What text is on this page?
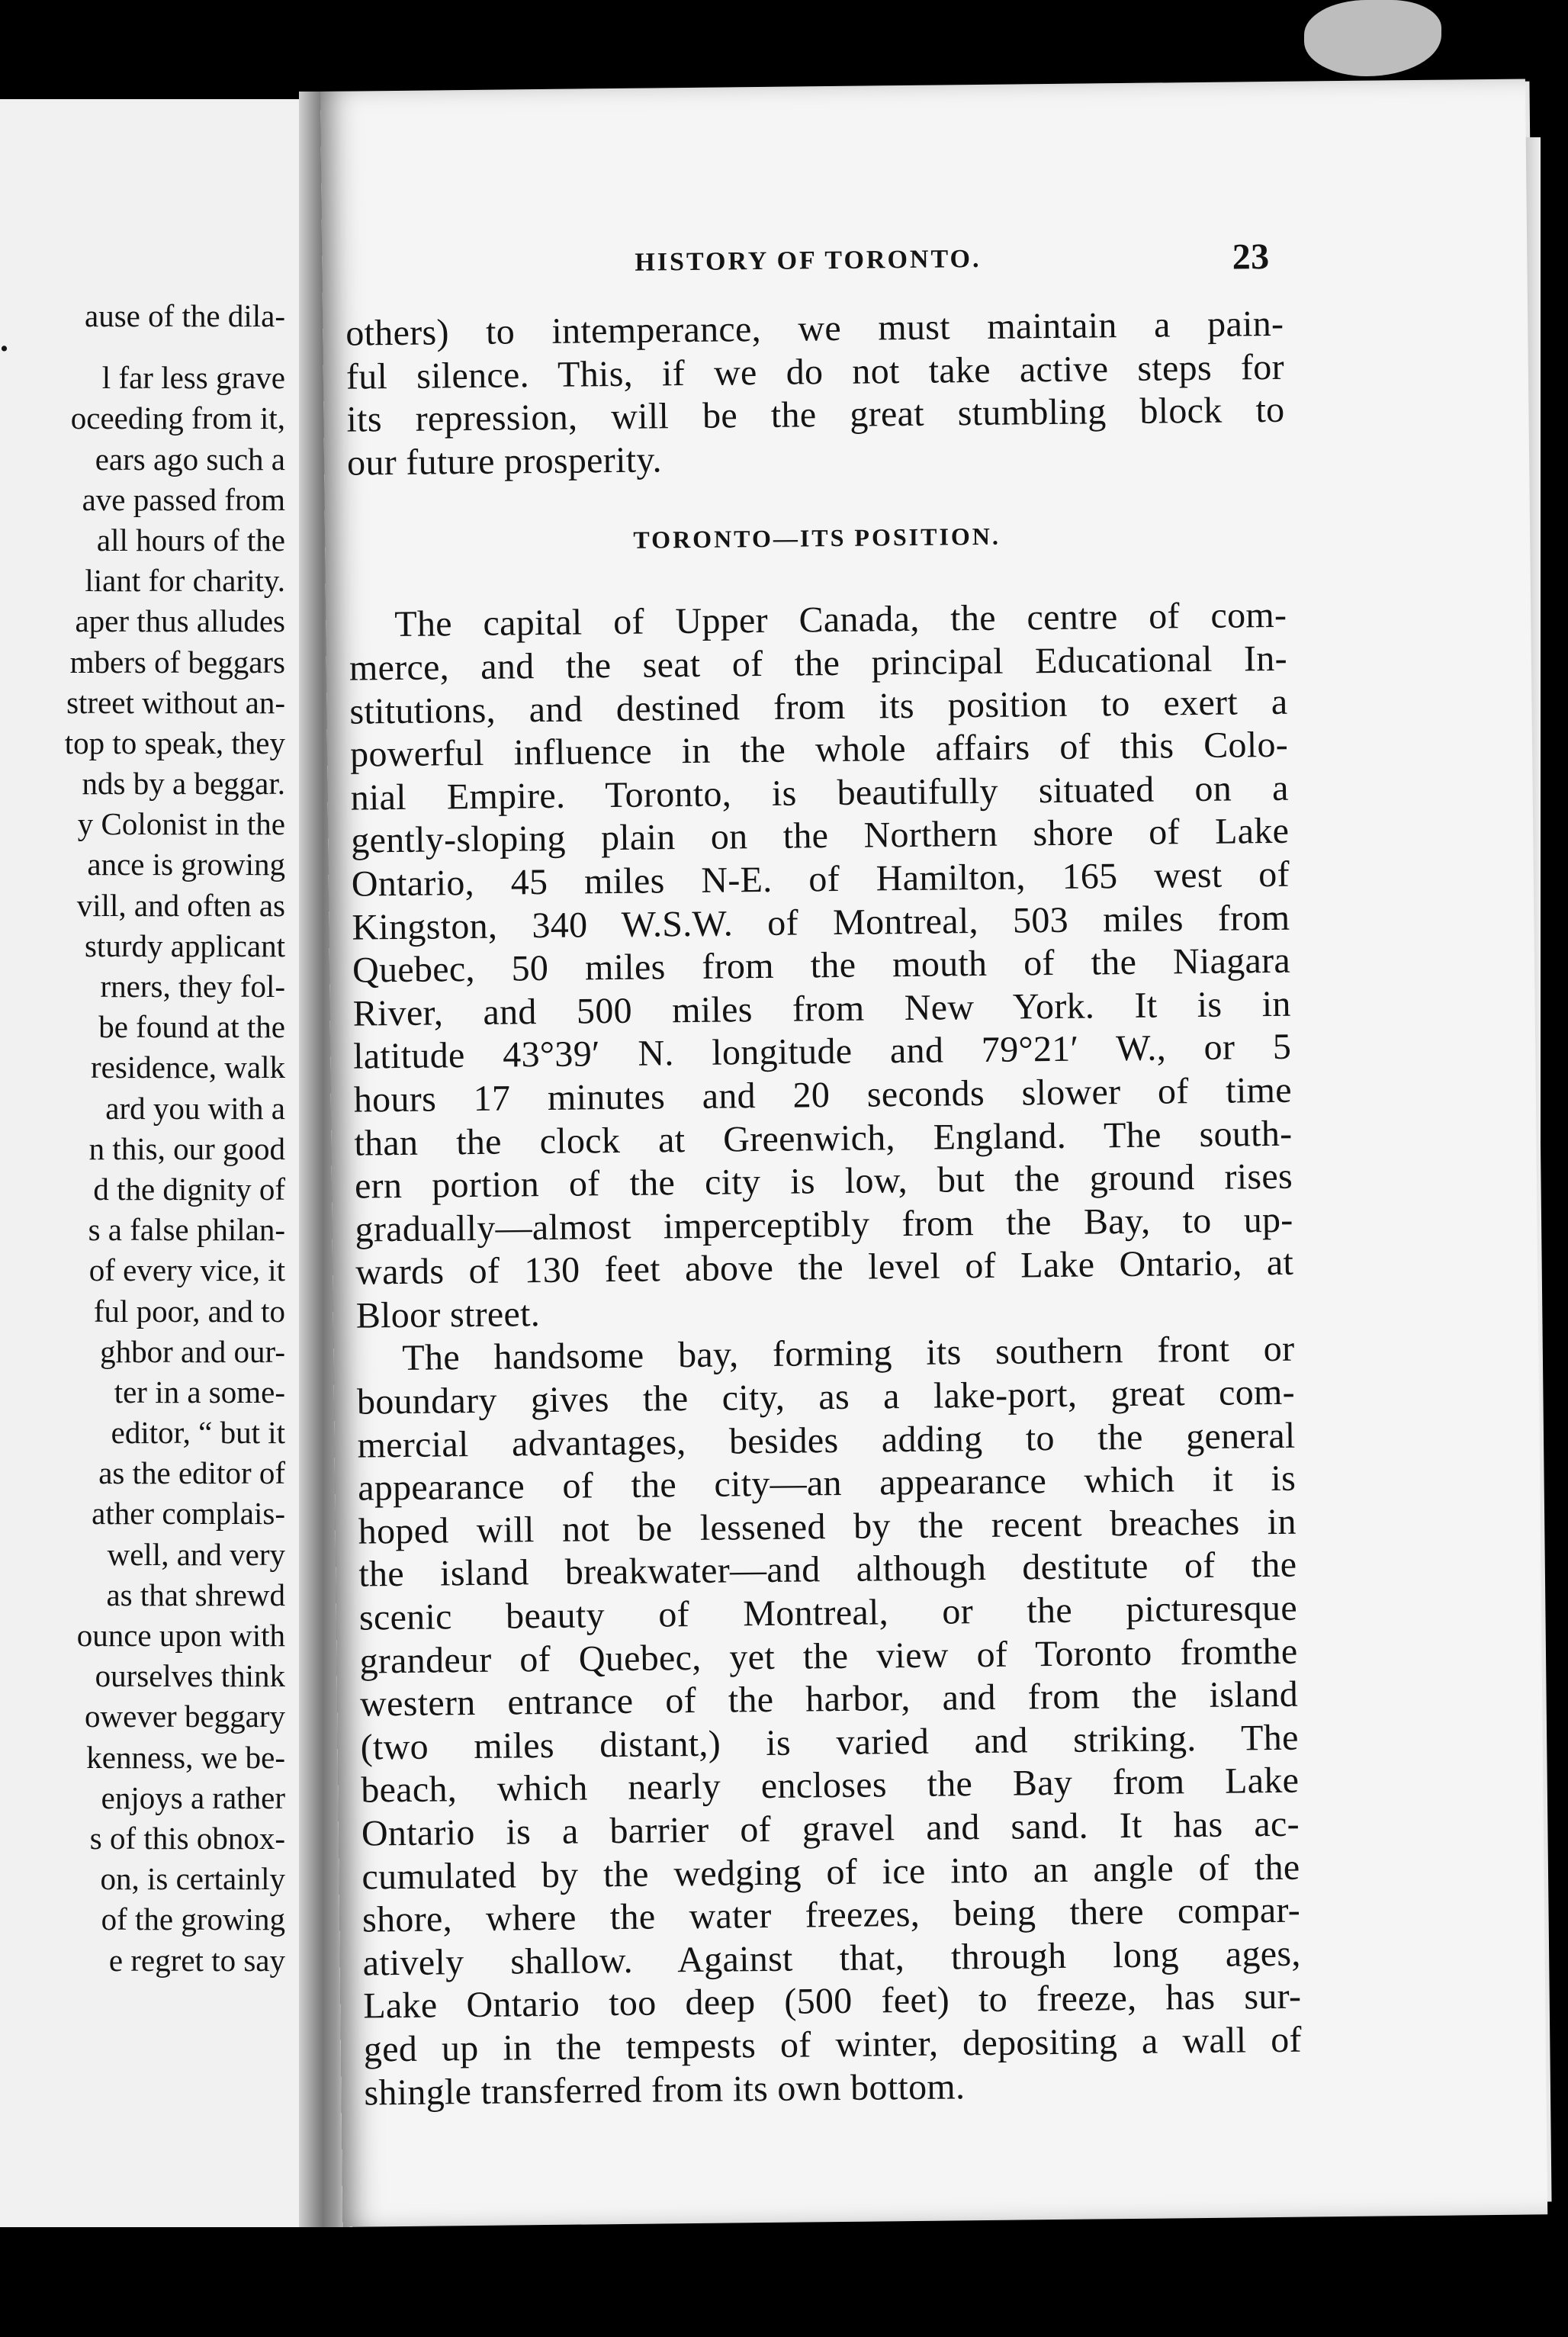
.
ause of the dila-
l far less grave
oceeding from it,
ears ago such a
ave passed from
all hours of the
liant for charity.
aper thus alludes
mbers of beggars
street without an-
top to speak, they
nds by a beggar.
y Colonist in the
ance is growing
vill, and often as
sturdy applicant
rners, they fol-
be found at the
residence, walk
ard you with a
n this, our good
d the dignity of
s a false philan-
of every vice, it
ful poor, and to
ghbor and our-
ter in a some-
editor, “ but it
as the editor of
ather complais-
well, and very
as that shrewd
ounce upon with
ourselves think
owever beggary
kenness, we be-
enjoys a rather
s of this obnox-
on, is certainly
of the growing
e regret to say
HISTORY OF TORONTO.	23
others) to intemperance, we must maintain a pain-
ful silence. This, if we do not take active steps for
its repression, will be the great stumbling block to
our future prosperity.
TORONTO—ITS POSITION.
The capital of Upper Canada, the centre of com-
merce, and the seat of the principal Educational In-
stitutions, and destined from its position to exert a
powerful influence in the whole affairs of this Colo-
nial Empire. Toronto, is beautifully situated on a
gently-sloping plain on the Northern shore of Lake
Ontario, 45 miles N-E. of Hamilton, 165 west of
Kingston, 340 W.S.W. of Montreal, 503 miles from
Quebec, 50 miles from the mouth of the Niagara
River, and 500 miles from New York. It is in
latitude 43°39′ N. longitude and 79°21′ W., or 5
hours 17 minutes and 20 seconds slower of time
than the clock at Greenwich, England. The south-
ern portion of the city is low, but the ground rises
gradually—almost imperceptibly from the Bay, to up-
wards of 130 feet above the level of Lake Ontario, at
Bloor street.
The handsome bay, forming its southern front or
boundary gives the city, as a lake-port, great com-
mercial advantages, besides adding to the general
appearance of the city—an appearance which it is
hoped will not be lessened by the recent breaches in
the island breakwater—and although destitute of the
scenic beauty of Montreal, or the picturesque
grandeur of Quebec, yet the view of Toronto fromthe
western entrance of the harbor, and from the island
(two miles distant,) is varied and striking. The
beach, which nearly encloses the Bay from Lake
Ontario is a barrier of gravel and sand. It has ac-
cumulated by the wedging of ice into an angle of the
shore, where the water freezes, being there compar-
atively shallow. Against that, through long ages,
Lake Ontario too deep (500 feet) to freeze, has sur-
ged up in the tempests of winter, depositing a wall of
shingle transferred from its own bottom.
